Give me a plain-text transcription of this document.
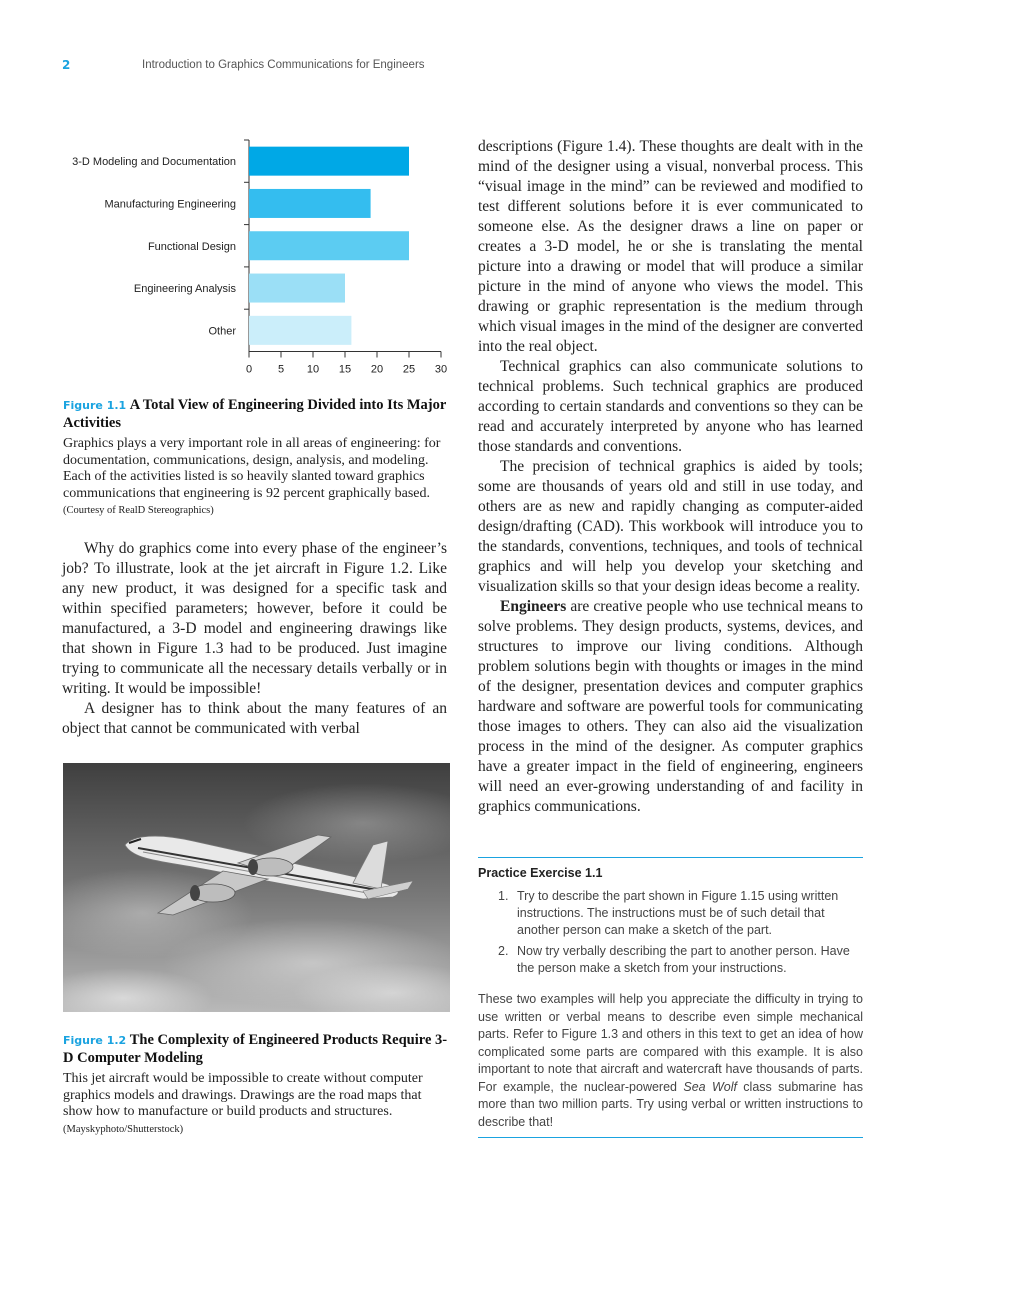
2	Introduction to Graphics Communications for Engineers
3-D Modeling and Documentation
Manufacturing Engineering
Functional Design
Engineering Analysis
Other
0 5 10 15 20 25 30
Figure 1.1 A Total View of Engineering Divided into Its Major Activities
Graphics plays a very important role in all areas of engineering: for documentation, communications, design, analysis, and modeling. Each of the activities listed is so heavily slanted toward graphics communications that engineering is 92 percent graphically based. (Courtesy of RealD Stereographics)

Why do graphics come into every phase of the engineer’s job? To illustrate, look at the jet aircraft in Figure 1.2. Like any new product, it was designed for a specific task and within specified parameters; however, before it could be manufactured, a 3-D model and engineering drawings like that shown in Figure 1.3 had to be produced. Just imagine trying to communicate all the necessary details verbally or in writing. It would be impossible!

A designer has to think about the many features of an object that cannot be communicated with verbal

Figure 1.2 The Complexity of Engineered Products Require 3-D Computer Modeling
This jet aircraft would be impossible to create without computer graphics models and drawings. Drawings are the road maps that show how to manufacture or build products and structures. (Mayskyphoto/Shutterstock)

descriptions (Figure 1.4). These thoughts are dealt with in the mind of the designer using a visual, nonverbal process. This “visual image in the mind” can be reviewed and modified to test different solutions before it is ever communicated to someone else. As the designer draws a line on paper or creates a 3-D model, he or she is translating the mental picture into a drawing or model that will produce a similar picture in the mind of anyone who views the model. This drawing or graphic representation is the medium through which visual images in the mind of the designer are converted into the real object.

Technical graphics can also communicate solutions to technical problems. Such technical graphics are produced according to certain standards and conventions so they can be read and accurately interpreted by anyone who has learned those standards and conventions.

The precision of technical graphics is aided by tools; some are thousands of years old and still in use today, and others are as new and rapidly changing as computer-aided design/drafting (CAD). This workbook will introduce you to the standards, conventions, techniques, and tools of technical graphics and will help you develop your sketching and visualization skills so that your design ideas become a reality.

Engineers are creative people who use technical means to solve problems. They design products, systems, devices, and structures to improve our living conditions. Although problem solutions begin with thoughts or images in the mind of the designer, presentation devices and computer graphics hardware and software are powerful tools for communicating those images to others. They can also aid the visualization process in the mind of the designer. As computer graphics have a greater impact in the field of engineering, engineers will need an ever-growing understanding of and facility in graphics communications.

Practice Exercise 1.1
1. Try to describe the part shown in Figure 1.15 using written instructions. The instructions must be of such detail that another person can make a sketch of the part.
2. Now try verbally describing the part to another person. Have the person make a sketch from your instructions.
These two examples will help you appreciate the difficulty in trying to use written or verbal means to describe even simple mechanical parts. Refer to Figure 1.3 and others in this text to get an idea of how complicated some parts are compared with this example. It is also important to note that aircraft and watercraft have thousands of parts. For example, the nuclear-powered Sea Wolf class submarine has more than two million parts. Try using verbal or written instructions to describe that!
